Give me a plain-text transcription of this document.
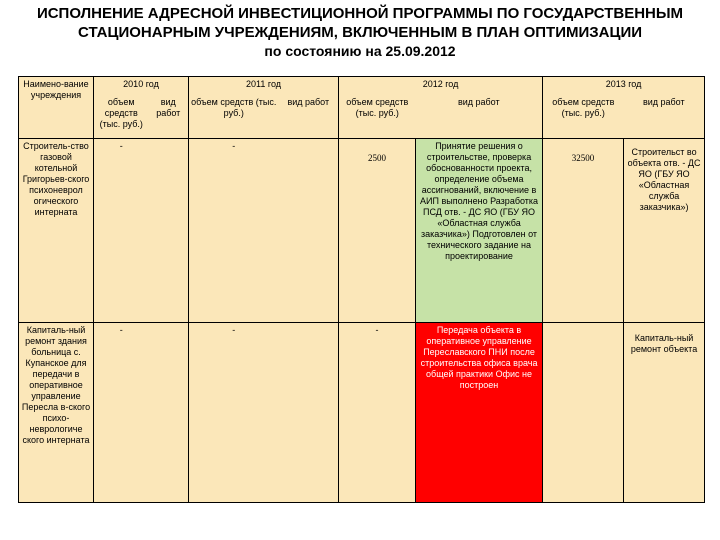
ИСПОЛНЕНИЕ АДРЕСНОЙ ИНВЕСТИЦИОННОЙ ПРОГРАММЫ ПО ГОСУДАРСТВЕННЫМ
СТАЦИОНАРНЫМ УЧРЕЖДЕНИЯМ, ВКЛЮЧЕННЫМ В ПЛАН ОПТИМИЗАЦИИ
по состоянию на 25.09.2012
Наимено-вание учреждения	2010 год		2011 год		2012 год		2013 год	
	объем средств (тыс. руб.)	вид работ	объем средств (тыс. руб.)	вид работ	объем средств (тыс. руб.)	вид работ	объем средств (тыс. руб.)	вид работ
Строитель-ство газовой котельной Григорьев-ского психоневрол огического интерната	-		-		2500	Принятие решения о строительстве, проверка обоснованности проекта, определение объема ассигнований, включение в АИП выполнено Разработка ПСД отв. - ДС ЯО (ГБУ ЯО «Областная служба заказчика») Подготовлен от технического задание на проектирование	32500	Строительст во объекта отв. - ДС ЯО (ГБУ ЯО «Областная служба заказчика»)
Капиталь-ный ремонт здания больница с. Купанское для передачи в оперативное управление Пересла в-ского психо-неврологиче ского интерната	-		-		-	Передача объекта в оперативное управление Переславского ПНИ после строительства офиса врача общей практики Офис не построен		Капиталь-ный ремонт объекта
